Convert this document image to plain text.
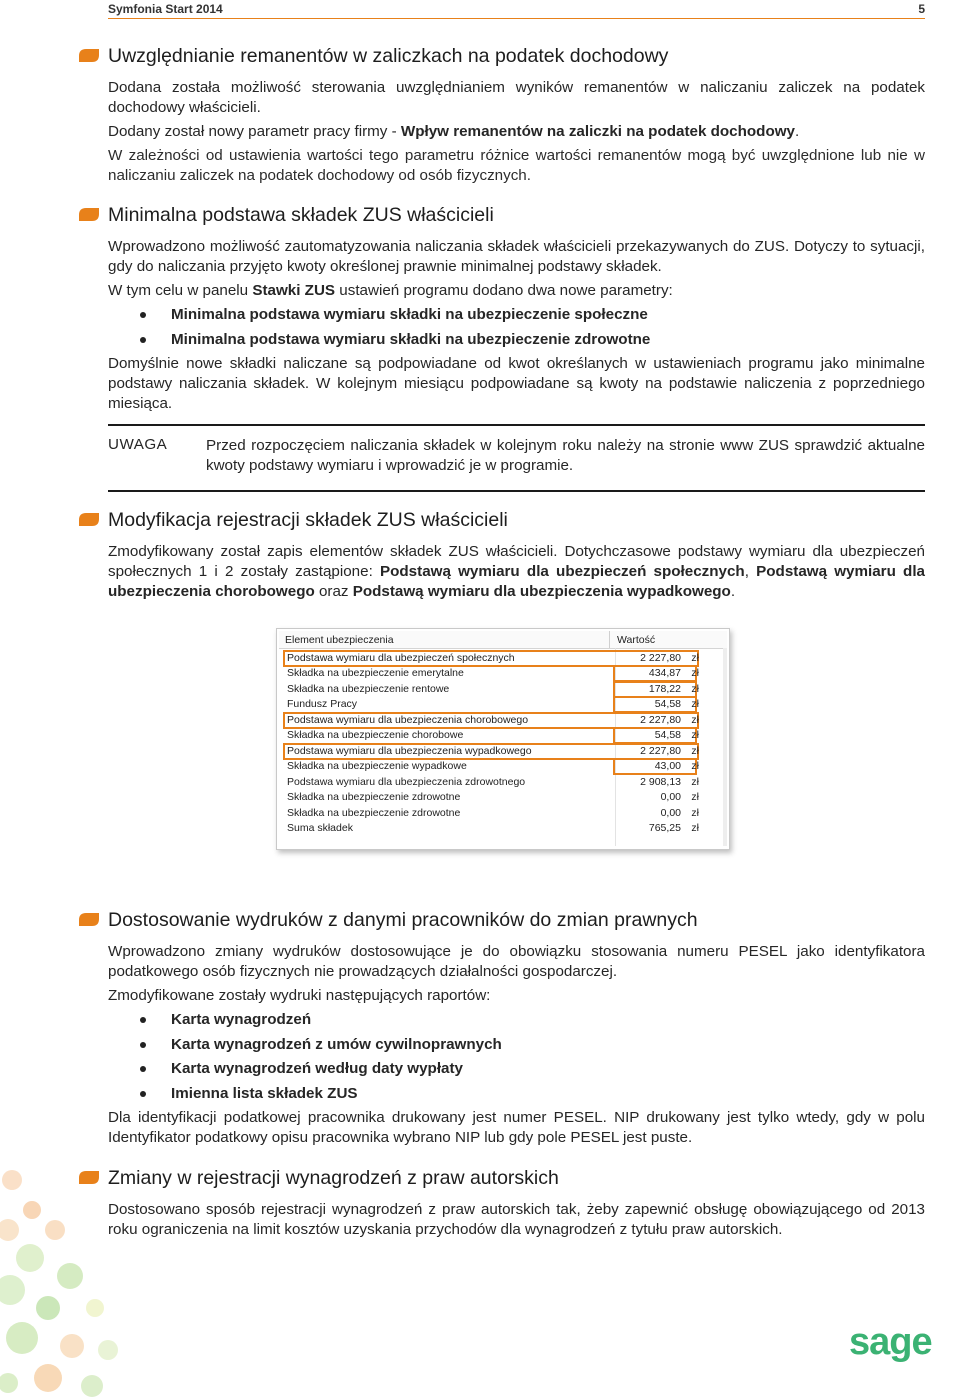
Symfonia Start 2014	5
Uwzględnianie remanentów w zaliczkach na podatek dochodowy

Dodana została możliwość sterowania uwzględnianiem wyników remanentów w naliczaniu zaliczek na podatek dochodowy właścicieli.

Dodany został nowy parametr pracy firmy - Wpływ remanentów na zaliczki na podatek dochodowy.

W zależności od ustawienia wartości tego parametru różnice wartości remanentów mogą być uwzględnione lub nie w naliczaniu zaliczek na podatek dochodowy od osób fizycznych.

Minimalna podstawa składek ZUS właścicieli

Wprowadzono możliwość zautomatyzowania naliczania składek właścicieli przekazywanych do ZUS. Dotyczy to sytuacji, gdy do naliczania przyjęto kwoty określonej prawnie minimalnej podstawy składek.

W tym celu w panelu Stawki ZUS ustawień programu dodano dwa nowe parametry:

Minimalna podstawa wymiaru składki na ubezpieczenie społeczne
Minimalna podstawa wymiaru składki na ubezpieczenie zdrowotne

Domyślnie nowe składki naliczane są podpowiadane od kwot określanych w ustawieniach programu jako minimalne podstawy naliczania składek. W kolejnym miesiącu podpowiadane są kwoty na podstawie naliczenia z poprzedniego miesiąca.

UWAGA	Przed rozpoczęciem naliczania składek w kolejnym roku należy na stronie www ZUS sprawdzić aktualne kwoty podstawy wymiaru i wprowadzić je w programie.
Modyfikacja rejestracji składek ZUS właścicieli

Zmodyfikowany został zapis elementów składek ZUS właścicieli. Dotychczasowe podstawy wymiaru dla ubezpieczeń społecznych 1 i 2 zostały zastąpione: Podstawą wymiaru dla ubezpieczeń społecznych, Podstawą wymiaru dla ubezpieczenia chorobowego oraz Podstawą wymiaru dla ubezpieczenia wypadkowego.

Element ubezpieczenia	Wartość
Podstawa wymiaru dla ubezpieczeń społecznych	2 227,80 zł
Składka na ubezpieczenie emerytalne	434,87 zł
Składka na ubezpieczenie rentowe	178,22 zł
Fundusz Pracy	54,58 zł
Podstawa wymiaru dla ubezpieczenia chorobowego	2 227,80 zł
Składka na ubezpieczenie chorobowe	54,58 zł
Podstawa wymiaru dla ubezpieczenia wypadkowego	2 227,80 zł
Składka na ubezpieczenie wypadkowe	43,00 zł
Podstawa wymiaru dla ubezpieczenia zdrowotnego	2 908,13 zł
Składka na ubezpieczenie zdrowotne	0,00 zł
Składka na ubezpieczenie zdrowotne	0,00 zł
Suma składek	765,25 zł
Dostosowanie wydruków z danymi pracowników do zmian prawnych

Wprowadzono zmiany wydruków dostosowujące je do obowiązku stosowania numeru PESEL jako identyfikatora podatkowego osób fizycznych nie prowadzących działalności gospodarczej.

Zmodyfikowane zostały wydruki następujących raportów:

Karta wynagrodzeń
Karta wynagrodzeń z umów cywilnoprawnych
Karta wynagrodzeń według daty wypłaty
Imienna lista składek ZUS

Dla identyfikacji podatkowej pracownika drukowany jest numer PESEL. NIP drukowany jest tylko wtedy, gdy w polu Identyfikator podatkowy opisu pracownika wybrano NIP lub gdy pole PESEL jest puste.

Zmiany w rejestracji wynagrodzeń z praw autorskich

Dostosowano sposób rejestracji wynagrodzeń z praw autorskich tak, żeby zapewnić obsługę obowiązującego od 2013 roku ograniczenia na limit kosztów uzyskania przychodów dla wynagrodzeń z tytułu praw autorskich.

sage
